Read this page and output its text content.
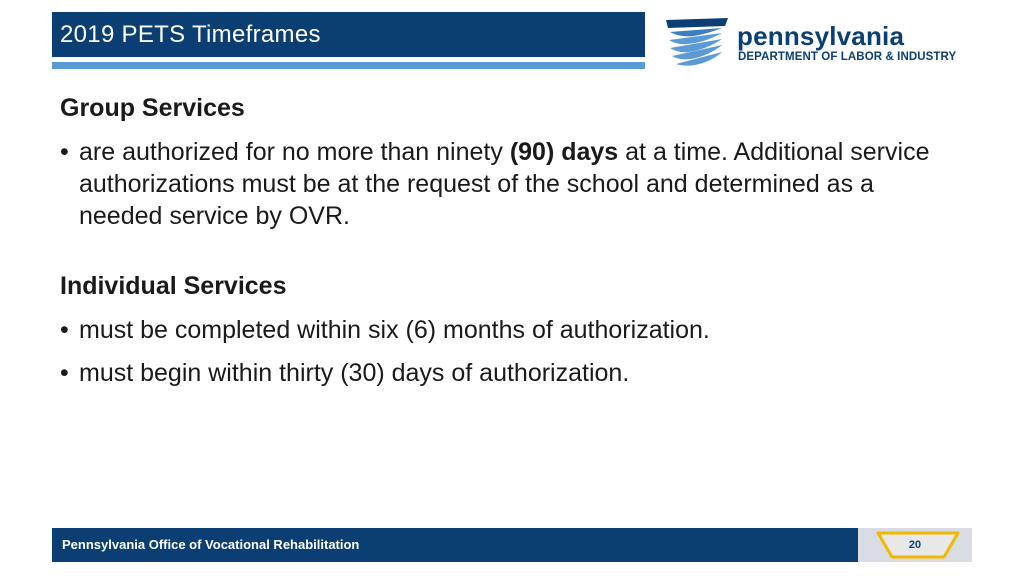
2019 PETS Timeframes	pennsylvania
DEPARTMENT OF LABOR & INDUSTRY

Group Services

• are authorized for no more than ninety (90) days at a time. Additional service authorizations must be at the request of the school and determined as a needed service by OVR.

Individual Services

• must be completed within six (6) months of authorization.
• must begin within thirty (30) days of authorization.
Pennsylvania Office of Vocational Rehabilitation	20
